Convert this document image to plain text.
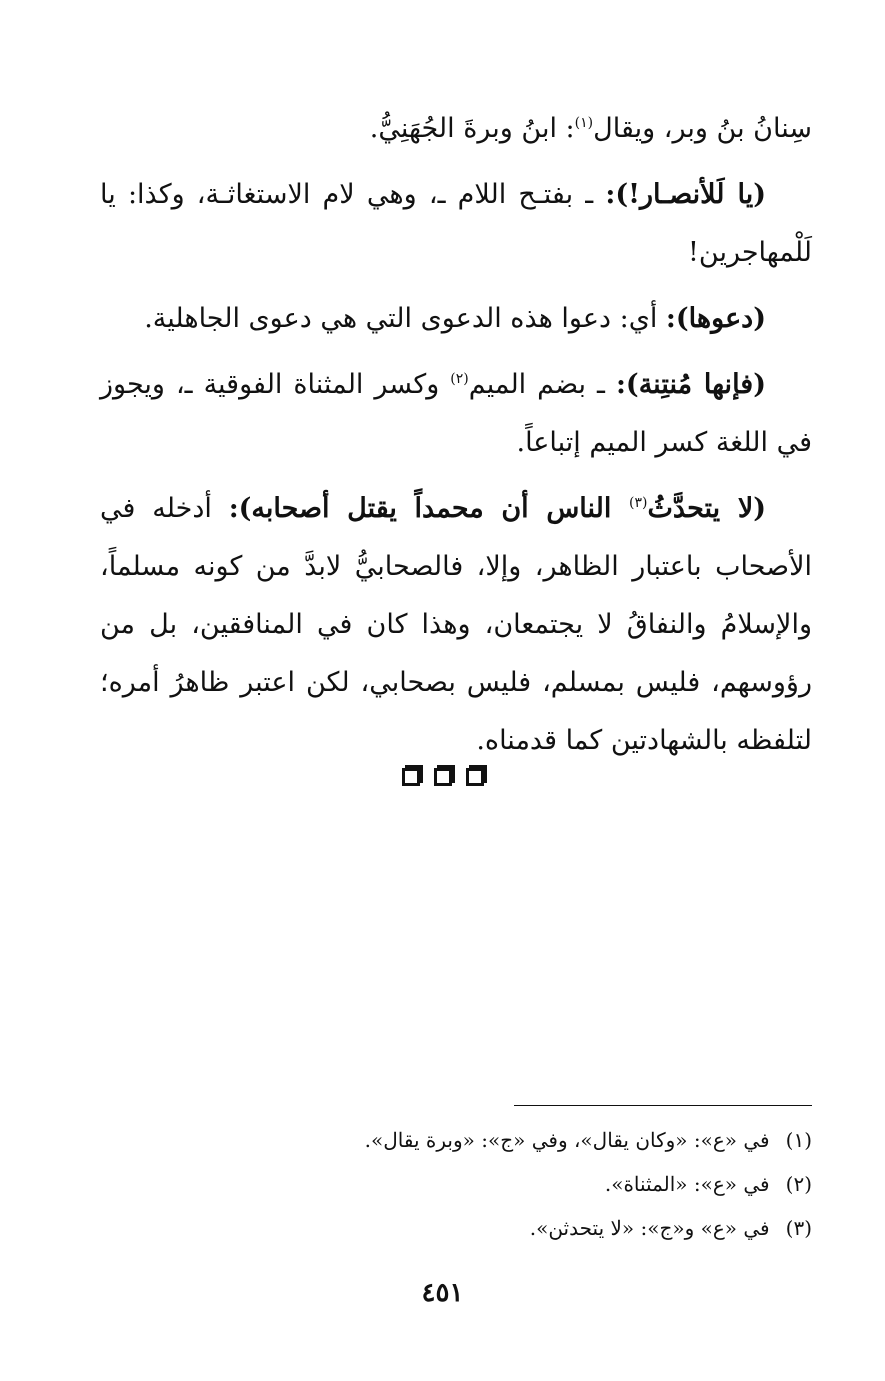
سِنانُ بنُ وبر، ويقال$^{(١)}$: ابنُ وبرةَ الجُهَنِيُّ.

(يا لَلأنصـار!): ـ بفتـح اللام ـ، وهي لام الاستغاثـة، وكذا: يا لَلْمهاجرين!

(دعوها): أي: دعوا هذه الدعوى التي هي دعوى الجاهلية.

(فإنها مُنتِنة): ـ بضم الميم$^{(٢)}$ وكسر المثناة الفوقية ـ، ويجوز في اللغة كسر الميم إتباعاً.

(لا يتحدَّثُ$^{(٣)}$ الناس أن محمداً يقتل أصحابه): أدخله في الأصحاب باعتبار الظاهر، وإلا، فالصحابيُّ لابدَّ من كونه مسلماً، والإسلامُ والنفاقُ لا يجتمعان، وهذا كان في المنافقين، بل من رؤوسهم، فليس بمسلم، فليس بصحابي، لكن اعتبر ظاهرُ أمره؛ لتلفظه بالشهادتين كما قدمناه.

(١)في «ع»: «وكان يقال»، وفي «ج»: «وبرة يقال».

(٢)في «ع»: «المثناة».

(٣)في «ع» و«ج»: «لا يتحدثن».

٤٥١
